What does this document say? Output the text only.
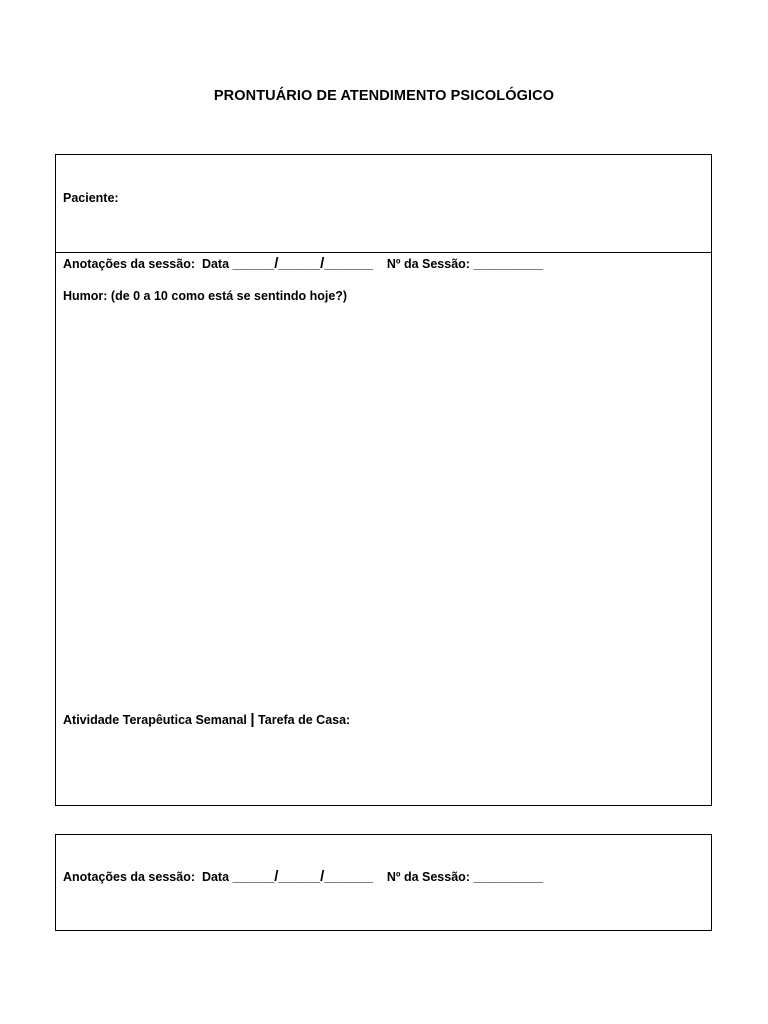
PRONTUÁRIO DE ATENDIMENTO PSICOLÓGICO
Paciente:
Anotações da sessão: Data ______/______/_______ Nº da Sessão: __________
Humor: (de 0 a 10 como está se sentindo hoje?)
Atividade Terapêutica Semanal | Tarefa de Casa:
Anotações da sessão: Data ______/______/_______ Nº da Sessão: __________
